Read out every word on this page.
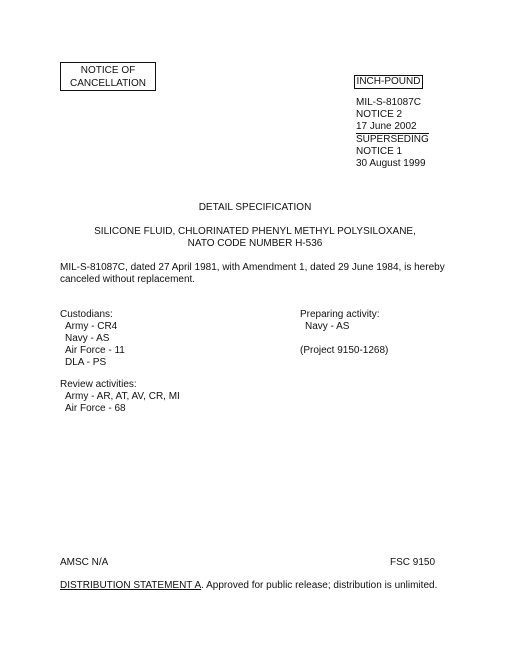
NOTICE OF
CANCELLATION	INCH-POUND
MIL-S-81087C
NOTICE 2
17 June 2002
SUPERSEDING
NOTICE 1
30 August 1999
DETAIL SPECIFICATION
SILICONE FLUID, CHLORINATED PHENYL METHYL POLYSILOXANE,
NATO CODE NUMBER H-536
MIL-S-81087C, dated 27 April 1981, with Amendment 1, dated 29 June 1984, is hereby canceled without replacement.
Custodians:
Army - CR4
Navy - AS
Air Force - 11
DLA - PS
Preparing activity:
Navy - AS
(Project 9150-1268)
Review activities:
Army - AR, AT, AV, CR, MI
Air Force - 68
AMSC N/A	FSC 9150
DISTRIBUTION STATEMENT A. Approved for public release; distribution is unlimited.
